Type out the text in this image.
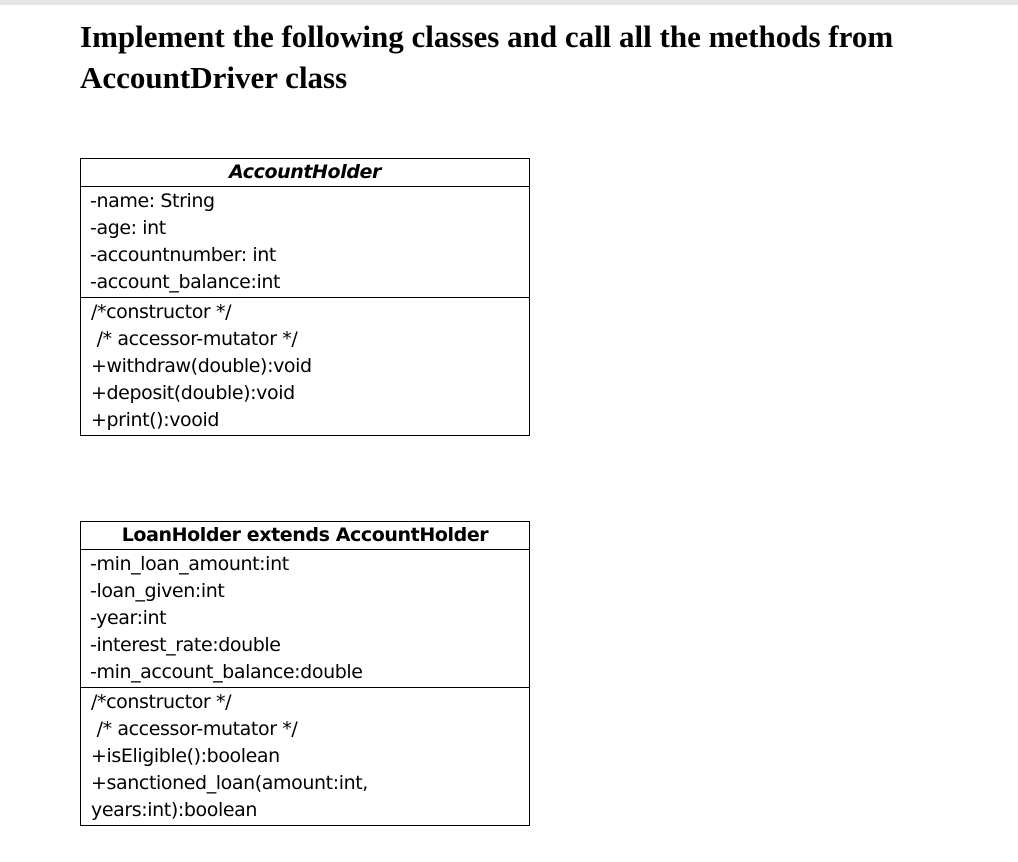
Implement the following classes and call all the methods from AccountDriver class
AccountHolder
-name: String
-age: int
-accountnumber: int
-account_balance:int
/*constructor */
/* accessor-mutator */
+withdraw(double):void
+deposit(double):void
+print():vooid
LoanHolder extends AccountHolder
-min_loan_amount:int
-loan_given:int
-year:int
-interest_rate:double
-min_account_balance:double
/*constructor */
/* accessor-mutator */
+isEligible():boolean
+sanctioned_loan(amount:int,
years:int):boolean
